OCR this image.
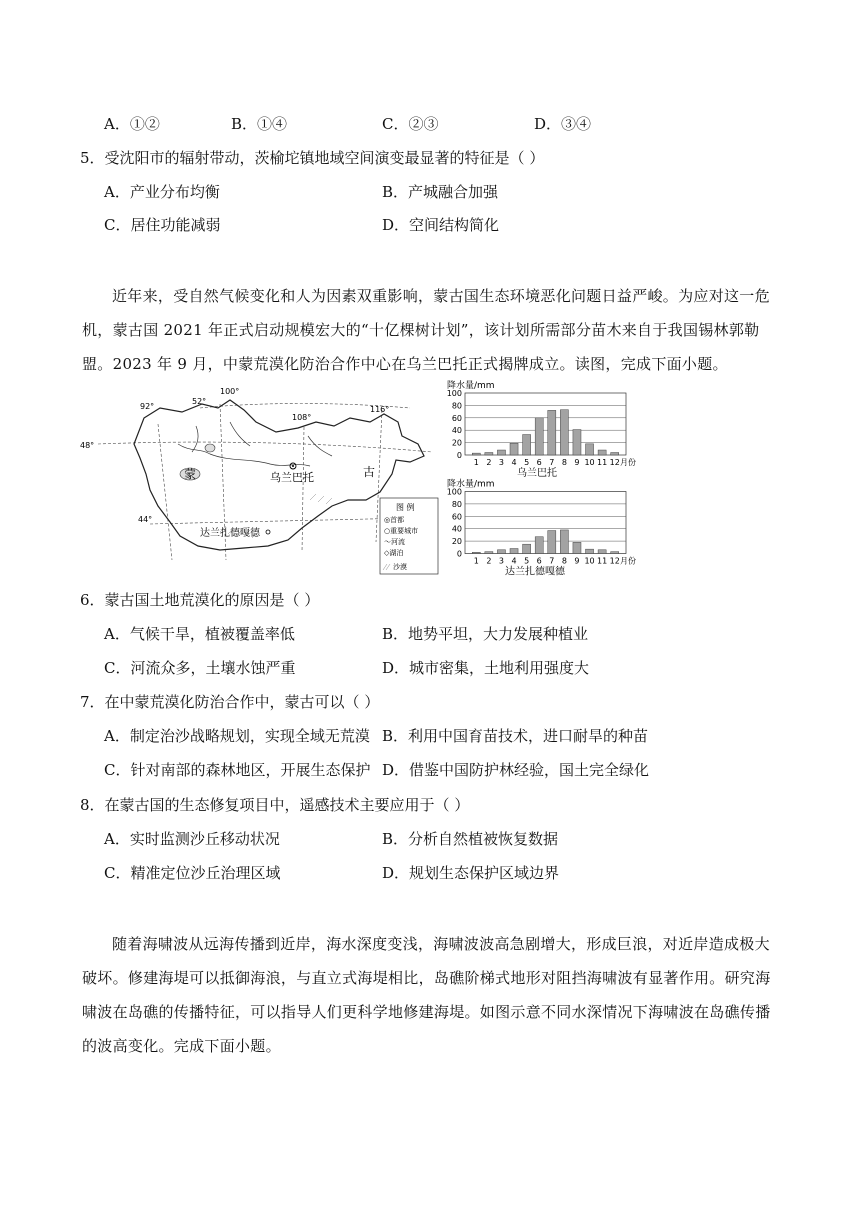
A．①②	B．①④	C．②③	D．③④
5．受沈阳市的辐射带动，茨榆坨镇地域空间演变最显著的特征是（ ）
A．产业分布均衡	B．产城融合加强
C．居住功能减弱	D．空间结构简化
近年来，受自然气候变化和人为因素双重影响，蒙古国生态环境恶化问题日益严峻。为应对这一危机，蒙古国 2021 年正式启动规模宏大的“十亿棵树计划”，该计划所需部分苗木来自于我国锡林郭勒盟。2023 年 9 月，中蒙荒漠化防治合作中心在乌兰巴托正式揭牌成立。读图，完成下面小题。
48°
44°
52°
92°
100°
108°
116°
蒙	古
乌兰巴托
达兰扎德嘎德
图 例
◎首都
○重要城市
～河流
◇湖泊
沙漠
降水量/mm
乌兰巴托
0
20
40
60
80
100
1 2 3 4 5 6 7 8 9 10 11 12 月份
降水量/mm
达兰扎德嘎德
0
20
40
60
80
100
1 2 3 4 5 6 7 8 9 10 11 12 月份
6．蒙古国土地荒漠化的原因是（ ）
A．气候干旱，植被覆盖率低	B．地势平坦，大力发展种植业
C．河流众多，土壤水蚀严重	D．城市密集，土地利用强度大
7．在中蒙荒漠化防治合作中，蒙古可以（ ）
A．制定治沙战略规划，实现全域无荒漠 B．利用中国育苗技术，进口耐旱的种苗
C．针对南部的森林地区，开展生态保护 D．借鉴中国防护林经验，国土完全绿化
8．在蒙古国的生态修复项目中，遥感技术主要应用于（ ）
A．实时监测沙丘移动状况	B．分析自然植被恢复数据
C．精准定位沙丘治理区域	D．规划生态保护区域边界
随着海啸波从远海传播到近岸，海水深度变浅，海啸波波高急剧增大，形成巨浪，对近岸造成极大破坏。修建海堤可以抵御海浪，与直立式海堤相比，岛礁阶梯式地形对阻挡海啸波有显著作用。研究海啸波在岛礁的传播特征，可以指导人们更科学地修建海堤。如图示意不同水深情况下海啸波在岛礁传播的波高变化。完成下面小题。
